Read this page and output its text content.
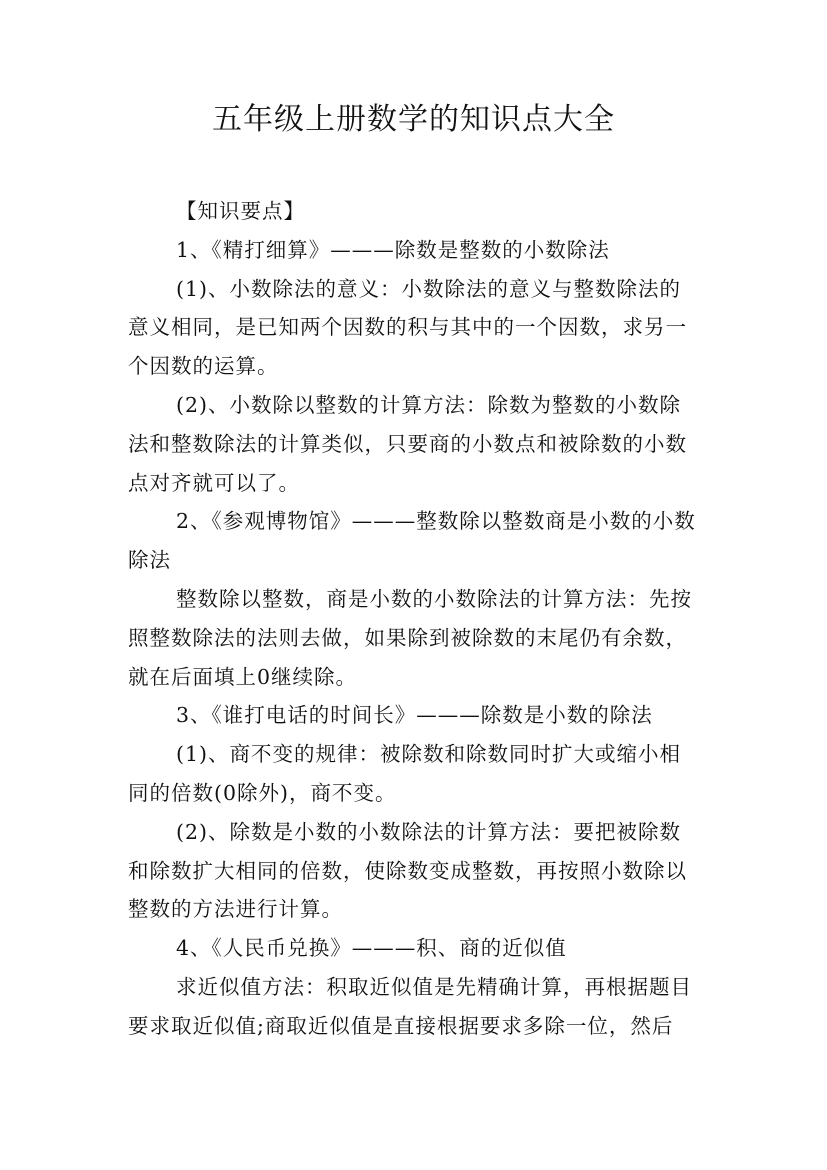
五年级上册数学的知识点大全
【知识要点】
1、《精打细算》———除数是整数的小数除法
(1)、小数除法的意义：小数除法的意义与整数除法的
意义相同，是已知两个因数的积与其中的一个因数，求另一
个因数的运算。
(2)、小数除以整数的计算方法：除数为整数的小数除
法和整数除法的计算类似，只要商的小数点和被除数的小数
点对齐就可以了。
2、《参观博物馆》———整数除以整数商是小数的小数
除法
整数除以整数，商是小数的小数除法的计算方法：先按
照整数除法的法则去做，如果除到被除数的末尾仍有余数，
就在后面填上0继续除。
3、《谁打电话的时间长》———除数是小数的除法
(1)、商不变的规律：被除数和除数同时扩大或缩小相
同的倍数(0除外)，商不变。
(2)、除数是小数的小数除法的计算方法：要把被除数
和除数扩大相同的倍数，使除数变成整数，再按照小数除以
整数的方法进行计算。
4、《人民币兑换》———积、商的近似值
求近似值方法：积取近似值是先精确计算，再根据题目
要求取近似值;商取近似值是直接根据要求多除一位，然后
